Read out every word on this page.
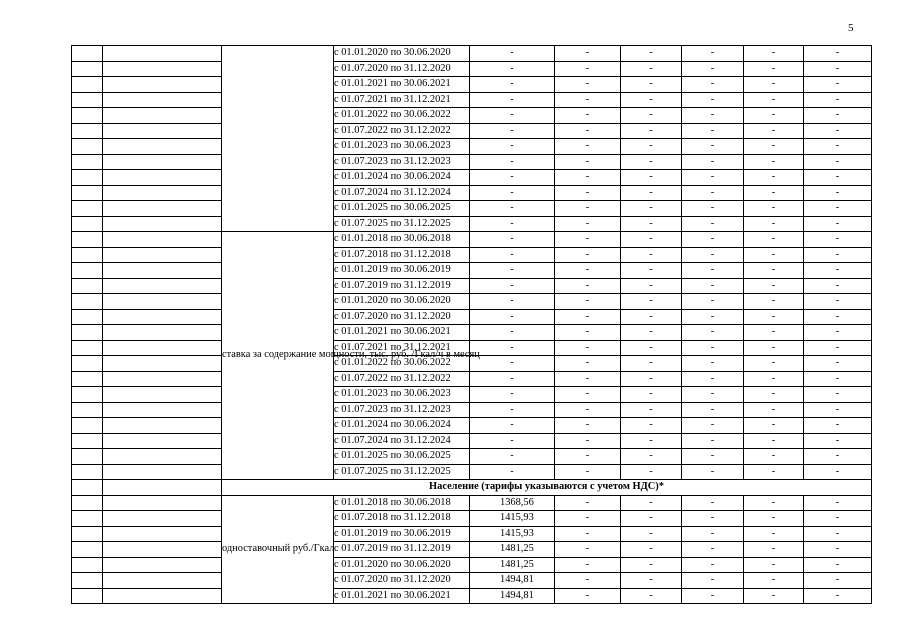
5
			с 01.01.2020 по 30.06.2020	-	-	-	-	-	-
			с 01.07.2020 по 31.12.2020	-	-	-	-	-	-
			с 01.01.2021 по 30.06.2021	-	-	-	-	-	-
			с 01.07.2021 по 31.12.2021	-	-	-	-	-	-
			с 01.01.2022 по 30.06.2022	-	-	-	-	-	-
			с 01.07.2022 по 31.12.2022	-	-	-	-	-	-
			с 01.01.2023 по 30.06.2023	-	-	-	-	-	-
			с 01.07.2023 по 31.12.2023	-	-	-	-	-	-
			с 01.01.2024 по 30.06.2024	-	-	-	-	-	-
			с 01.07.2024 по 31.12.2024	-	-	-	-	-	-
			с 01.01.2025 по 30.06.2025	-	-	-	-	-	-
			с 01.07.2025 по 31.12.2025	-	-	-	-	-	-

		ставка за содержание мощности, тыс. руб. /Гкал/ч в месяц	с 01.01.2018 по 30.06.2018	-	-	-	-	-	-
			с 01.07.2018 по 31.12.2018	-	-	-	-	-	-
			с 01.01.2019 по 30.06.2019	-	-	-	-	-	-
			с 01.07.2019 по 31.12.2019	-	-	-	-	-	-
			с 01.01.2020 по 30.06.2020	-	-	-	-	-	-
			с 01.07.2020 по 31.12.2020	-	-	-	-	-	-
			с 01.01.2021 по 30.06.2021	-	-	-	-	-	-
			с 01.07.2021 по 31.12.2021	-	-	-	-	-	-
			с 01.01.2022 по 30.06.2022	-	-	-	-	-	-
			с 01.07.2022 по 31.12.2022	-	-	-	-	-	-
			с 01.01.2023 по 30.06.2023	-	-	-	-	-	-
			с 01.07.2023 по 31.12.2023	-	-	-	-	-	-
			с 01.01.2024 по 30.06.2024	-	-	-	-	-	-
			с 01.07.2024 по 31.12.2024	-	-	-	-	-	-
			с 01.01.2025 по 30.06.2025	-	-	-	-	-	-
			с 01.07.2025 по 31.12.2025	-	-	-	-	-	-
		Население (тарифы указываются с учетом НДС)*							

		одноставочный руб./Гкал	с 01.01.2018 по 30.06.2018	1368,56	-	-	-	-	-
			с 01.07.2018 по 31.12.2018	1415,93	-	-	-	-	-
			с 01.01.2019 по 30.06.2019	1415,93	-	-	-	-	-
			с 01.07.2019 по 31.12.2019	1481,25	-	-	-	-	-
			с 01.01.2020 по 30.06.2020	1481,25	-	-	-	-	-
			с 01.07.2020 по 31.12.2020	1494,81	-	-	-	-	-
			с 01.01.2021 по 30.06.2021	1494,81	-	-	-	-	-
